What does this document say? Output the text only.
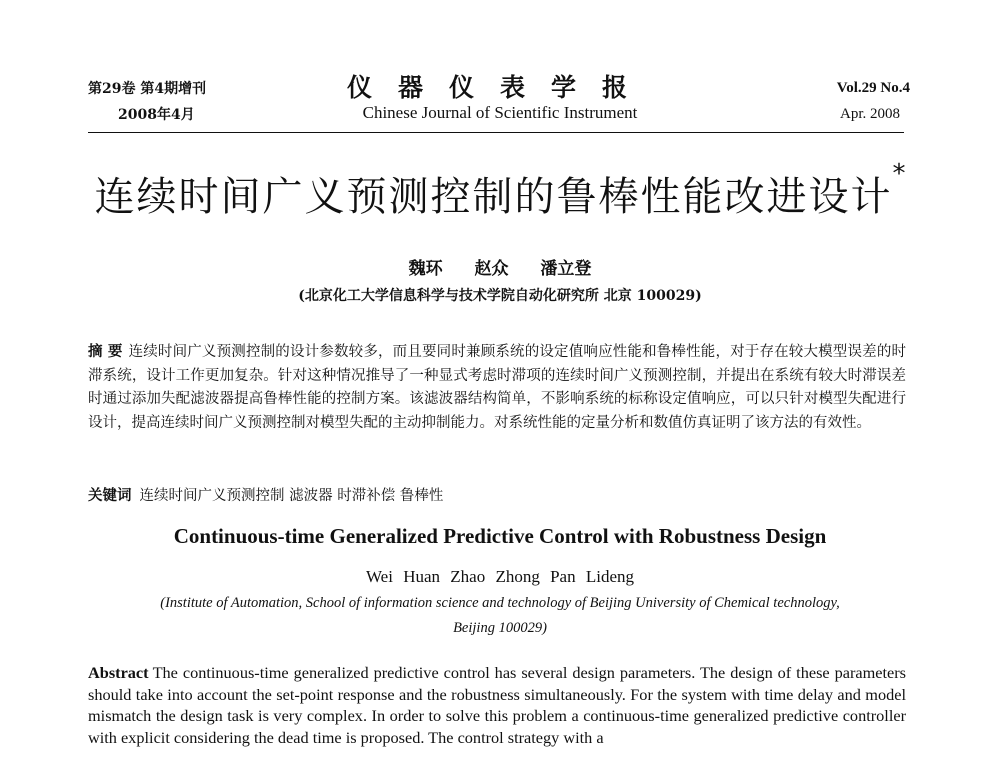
第29卷 第4期增刊
2008年4月
仪器仪表学报
Chinese Journal of Scientific Instrument
Vol.29 No.4
Apr. 2008
连续时间广义预测控制的鲁棒性能改进设计*
魏环 赵众 潘立登
(北京化工大学信息科学与技术学院自动化研究所 北京 100029)
摘 要 连续时间广义预测控制的设计参数较多，而且要同时兼顾系统的设定值响应性能和鲁棒性能，对于存在较大模型误差的时滞系统，设计工作更加复杂。针对这种情况推导了一种显式考虑时滞项的连续时间广义预测控制，并提出在系统有较大时滞误差时通过添加失配滤波器提高鲁棒性能的控制方案。该滤波器结构简单，不影响系统的标称设定值响应，可以只针对模型失配进行设计，提高连续时间广义预测控制对模型失配的主动抑制能力。对系统性能的定量分析和数值仿真证明了该方法的有效性。
关键词 连续时间广义预测控制 滤波器 时滞补偿 鲁棒性
Continuous-time Generalized Predictive Control with Robustness Design
Wei Huan Zhao Zhong Pan Lideng
(Institute of Automation, School of information science and technology of Beijing University of Chemical technology,
Beijing 100029)
Abstract The continuous-time generalized predictive control has several design parameters. The design of these parameters should take into account the set-point response and the robustness simultaneously. For the system with time delay and model mismatch the design task is very complex. In order to solve this problem a continuous-time generalized predictive controller with explicit considering the dead time is proposed. The control strategy with a
